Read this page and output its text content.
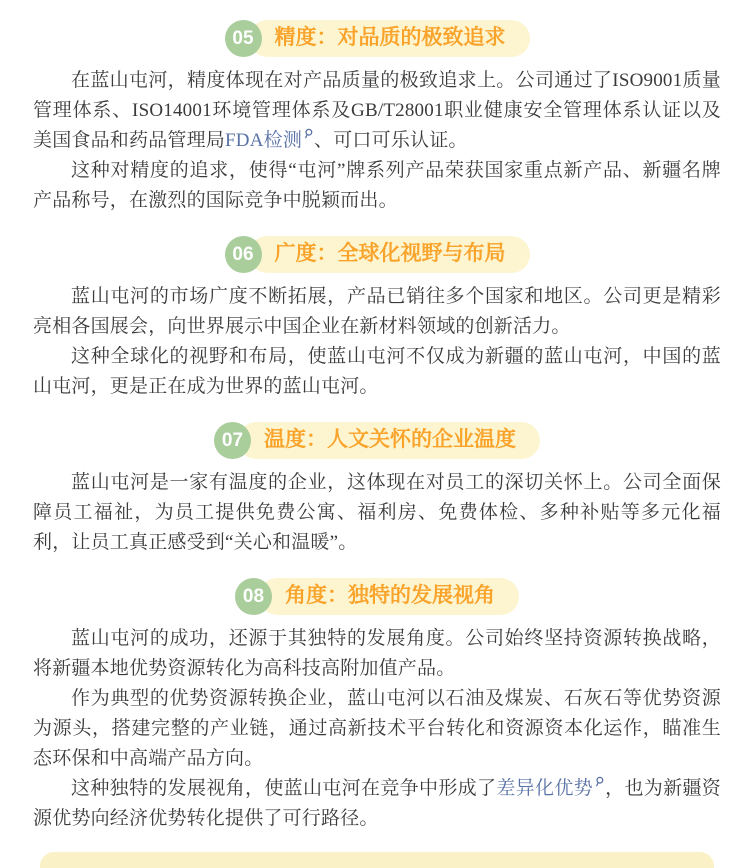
05 精度：对品质的极致追求

在蓝山屯河，精度体现在对产品质量的极致追求上。公司通过了ISO9001质量管理体系、ISO14001环境管理体系及GB/T28001职业健康安全管理体系认证以及美国食品和药品管理局FDA检测 、可口可乐认证。

这种对精度的追求，使得“屯河”牌系列产品荣获国家重点新产品、新疆名牌产品称号，在激烈的国际竞争中脱颖而出。

06 广度：全球化视野与布局

蓝山屯河的市场广度不断拓展，产品已销往多个国家和地区。公司更是精彩亮相各国展会，向世界展示中国企业在新材料领域的创新活力。

这种全球化的视野和布局，使蓝山屯河不仅成为新疆的蓝山屯河，中国的蓝山屯河，更是正在成为世界的蓝山屯河。

07 温度：人文关怀的企业温度

蓝山屯河是一家有温度的企业，这体现在对员工的深切关怀上。公司全面保障员工福祉，为员工提供免费公寓、福利房、免费体检、多种补贴等多元化福利，让员工真正感受到“关心和温暖”。

08 角度：独特的发展视角

蓝山屯河的成功，还源于其独特的发展角度。公司始终坚持资源转换战略，将新疆本地优势资源转化为高科技高附加值产品。

作为典型的优势资源转换企业，蓝山屯河以石油及煤炭、石灰石等优势资源为源头，搭建完整的产业链，通过高新技术平台转化和资源资本化运作，瞄准生态环保和中高端产品方向。

这种独特的发展视角，使蓝山屯河在竞争中形成了差异化优势 ，也为新疆资源优势向经济优势转化提供了可行路径。
